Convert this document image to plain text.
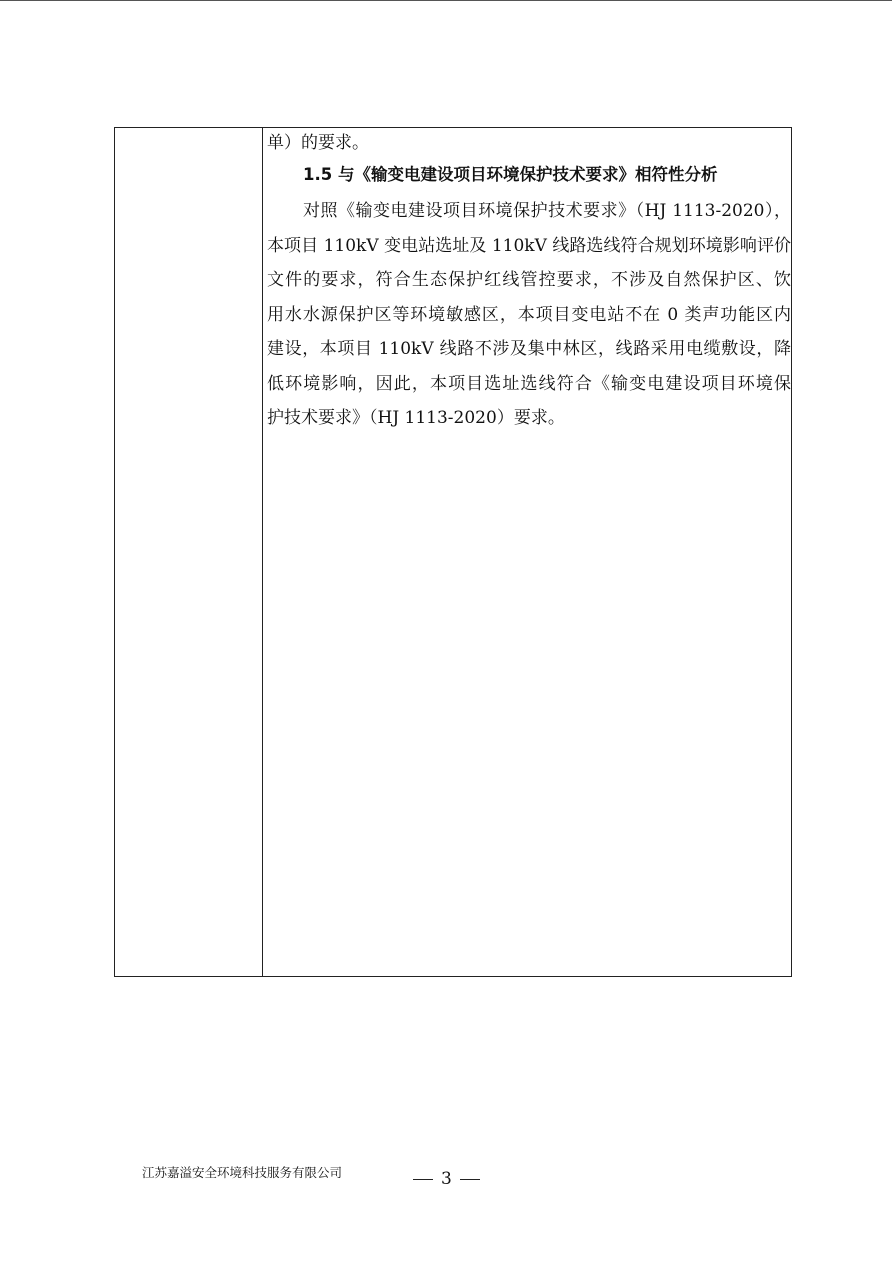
单）的要求。

1.5 与《输变电建设项目环境保护技术要求》相符性分析

对照《输变电建设项目环境保护技术要求》（HJ 1113-2020），
本项目 110kV 变电站选址及 110kV 线路选线符合规划环境影响评价
文件的要求，符合生态保护红线管控要求，不涉及自然保护区、饮
用水水源保护区等环境敏感区，本项目变电站不在 0 类声功能区内
建设，本项目 110kV 线路不涉及集中林区，线路采用电缆敷设，降
低环境影响，因此，本项目选址选线符合《输变电建设项目环境保
护技术要求》（HJ 1113-2020）要求。
江苏嘉溢安全环境科技服务有限公司	3
